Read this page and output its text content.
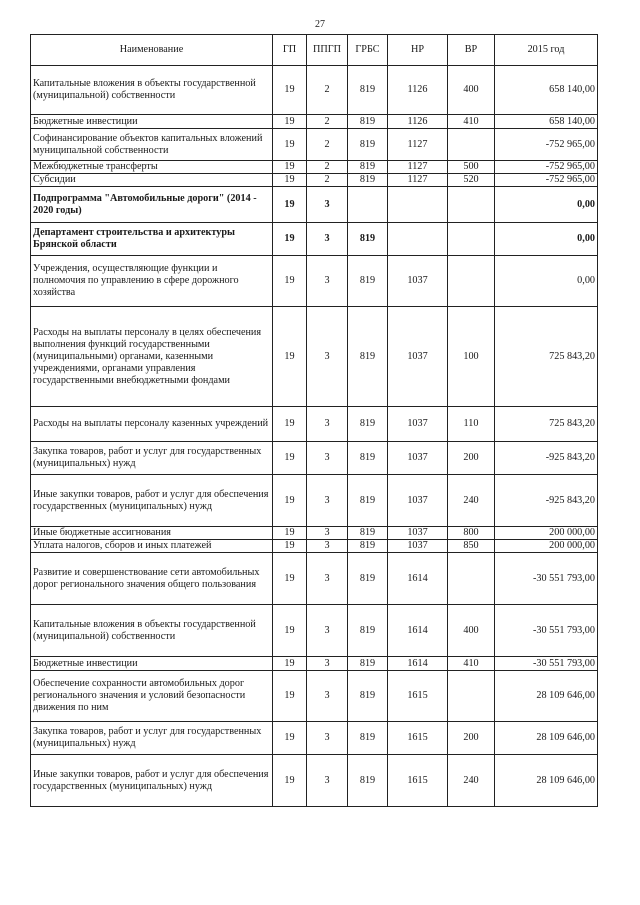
27
Наименование	ГП	ППГП	ГРБС	НР	ВР	2015 год
Капитальные вложения в объекты государственной (муниципальной) собственности	19	2	819	1126	400	658 140,00
Бюджетные инвестиции	19	2	819	1126	410	658 140,00
Софинансирование объектов капитальных вложений муниципальной собственности	19	2	819	1127		-752 965,00
Межбюджетные трансферты	19	2	819	1127	500	-752 965,00
Субсидии	19	2	819	1127	520	-752 965,00
Подпрограмма "Автомобильные дороги" (2014 - 2020 годы)	19	3				0,00
Департамент строительства и архитектуры Брянской области	19	3	819			0,00
Учреждения, осуществляющие функции и полномочия по управлению в сфере дорожного хозяйства	19	3	819	1037		0,00
Расходы на выплаты персоналу в целях обеспечения выполнения функций государственными (муниципальными) органами, казенными учреждениями, органами управления государственными внебюджетными фондами	19	3	819	1037	100	725 843,20
Расходы на выплаты персоналу казенных учреждений	19	3	819	1037	110	725 843,20
Закупка товаров, работ и услуг для государственных (муниципальных) нужд	19	3	819	1037	200	-925 843,20
Иные закупки товаров, работ и услуг для обеспечения государственных (муниципальных) нужд	19	3	819	1037	240	-925 843,20
Иные бюджетные ассигнования	19	3	819	1037	800	200 000,00
Уплата налогов, сборов и иных платежей	19	3	819	1037	850	200 000,00
Развитие и совершенствование сети автомобильных дорог регионального значения общего пользования	19	3	819	1614		-30 551 793,00
Капитальные вложения в объекты государственной (муниципальной) собственности	19	3	819	1614	400	-30 551 793,00
Бюджетные инвестиции	19	3	819	1614	410	-30 551 793,00
Обеспечение сохранности автомобильных дорог регионального значения и условий безопасности движения по ним	19	3	819	1615		28 109 646,00
Закупка товаров, работ и услуг для государственных (муниципальных) нужд	19	3	819	1615	200	28 109 646,00
Иные закупки товаров, работ и услуг для обеспечения государственных (муниципальных) нужд	19	3	819	1615	240	28 109 646,00
